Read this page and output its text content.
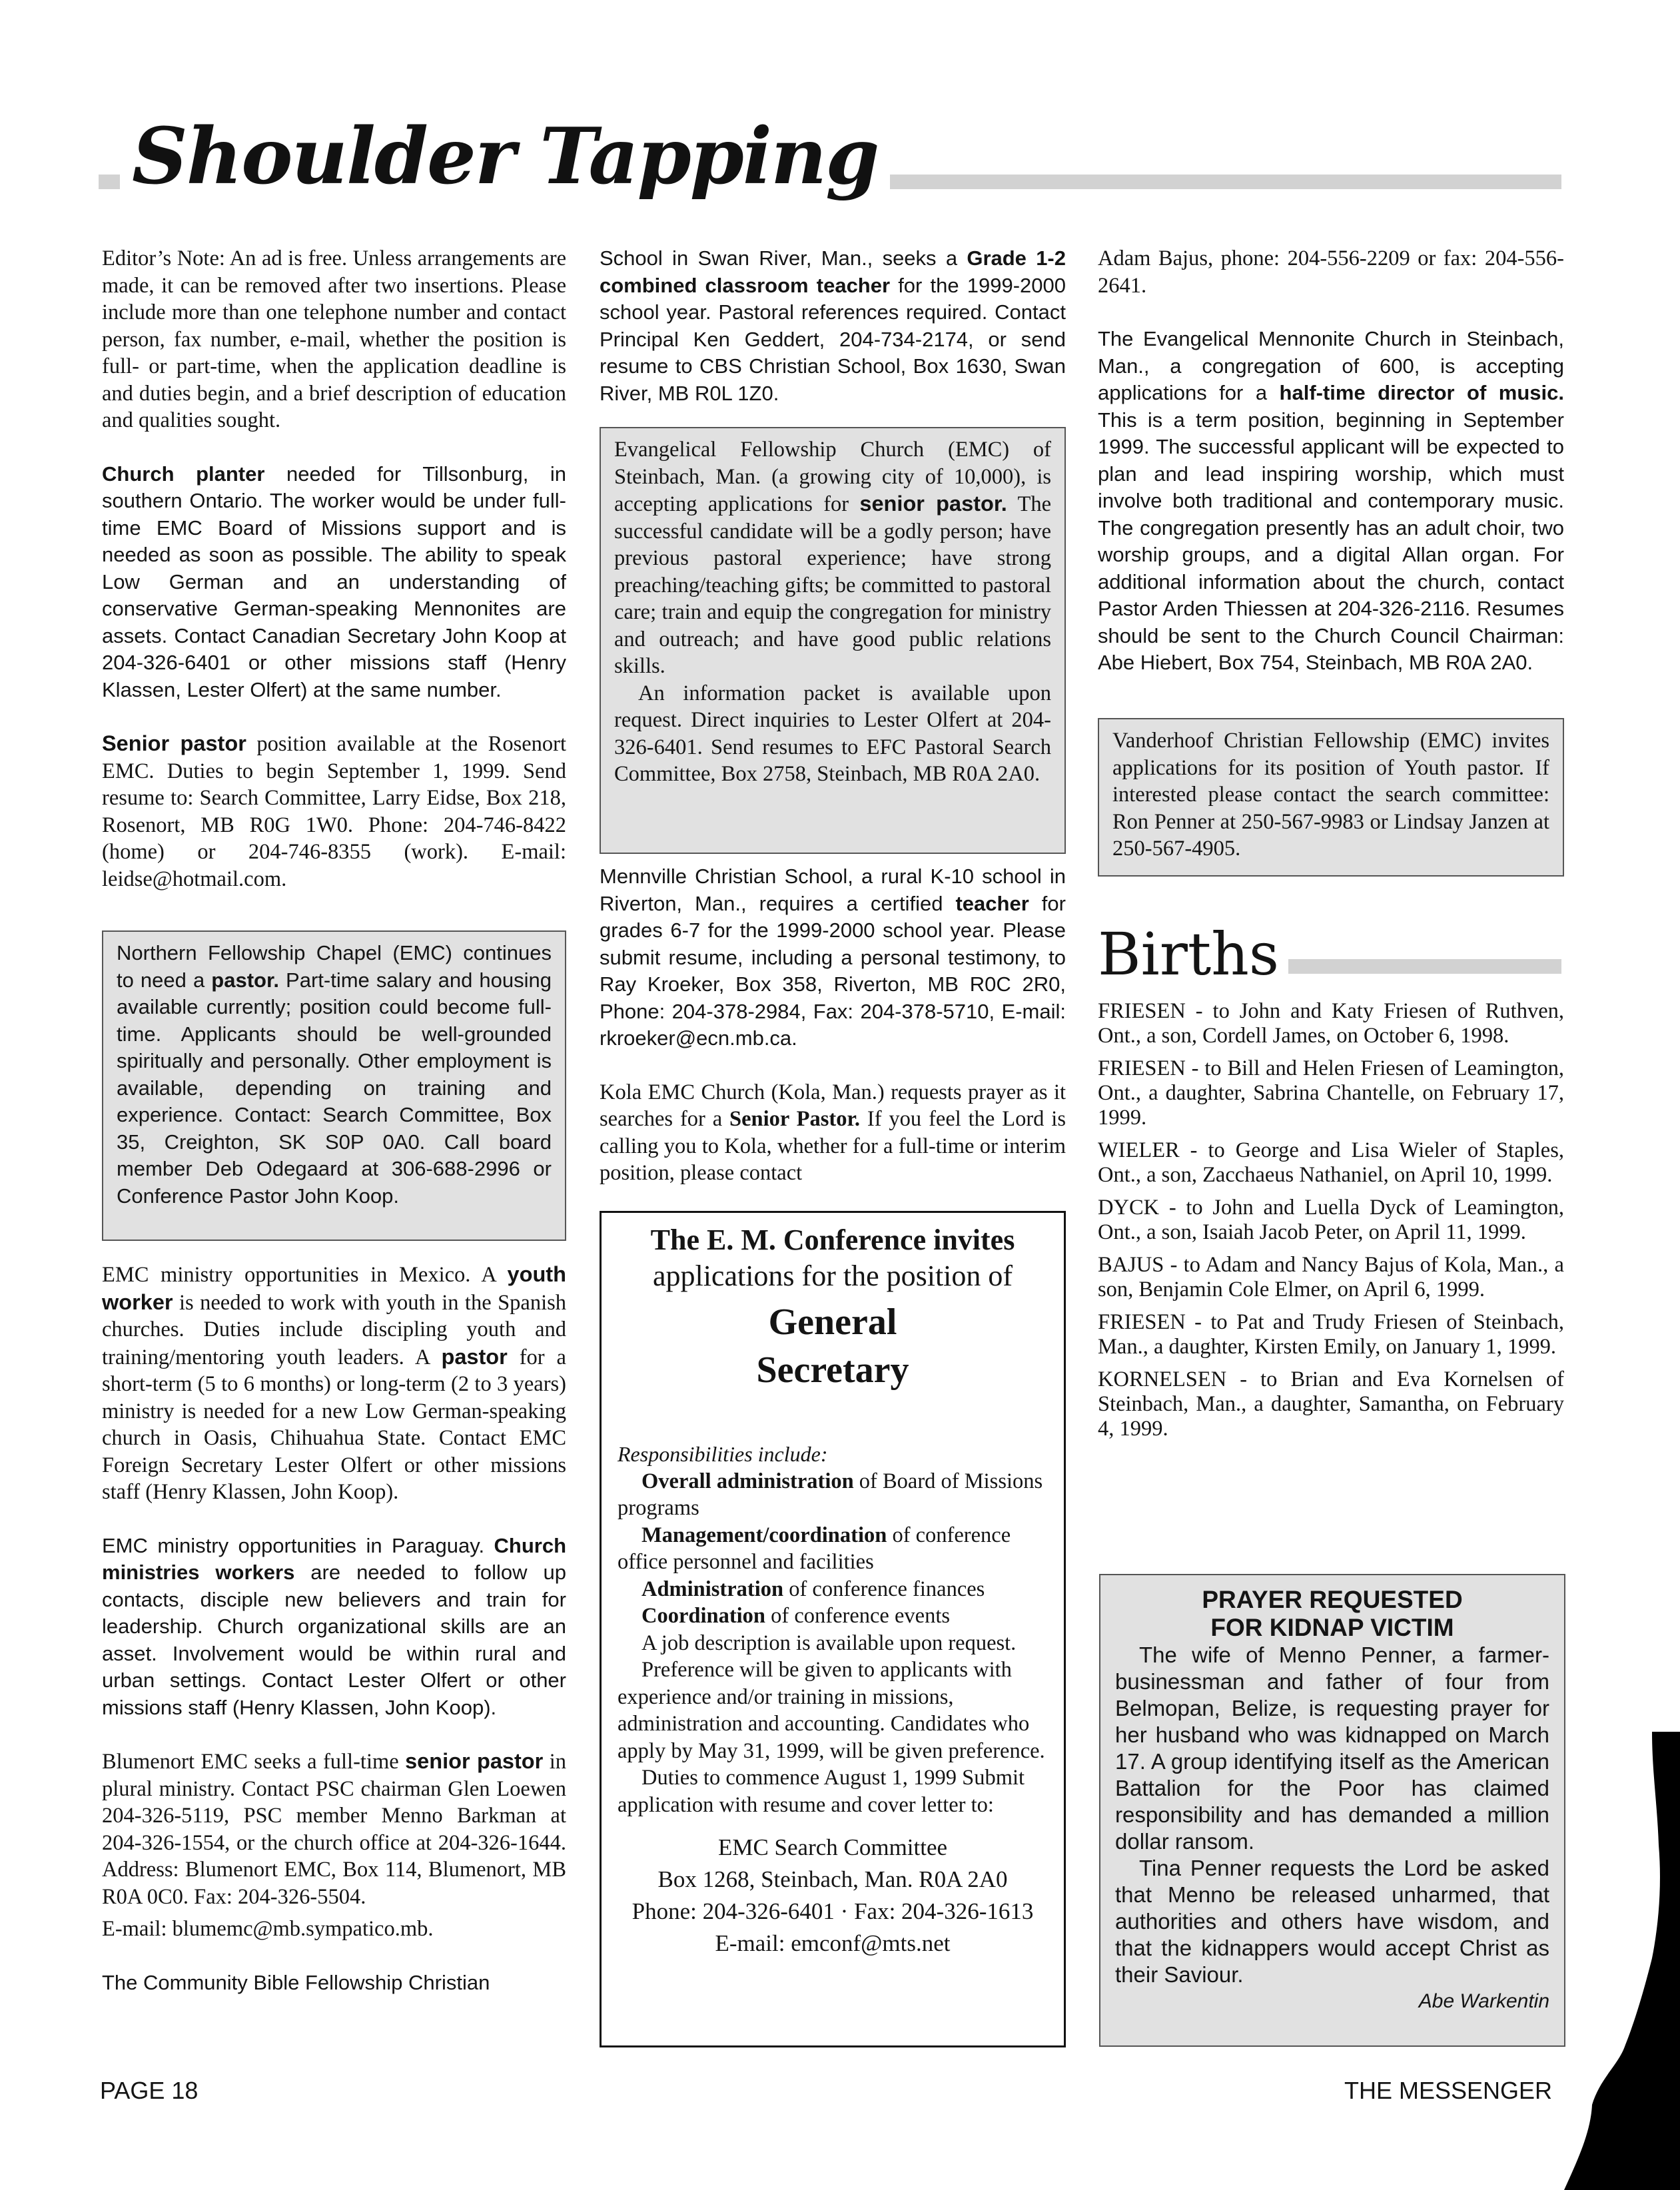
Shoulder Tapping

Editor’s Note: An ad is free. Unless arrangements are made, it can be removed after two insertions. Please include more than one telephone number and contact person, fax number, e-mail, whether the position is full- or part-time, when the application deadline is and duties begin, and a brief description of education and qualities sought.

Church planter needed for Tillsonburg, in southern Ontario. The worker would be under full-time EMC Board of Missions support and is needed as soon as possible. The ability to speak Low German and an understanding of conservative German-speaking Mennonites are assets. Contact Canadian Secretary John Koop at 204-326-6401 or other missions staff (Henry Klassen, Lester Olfert) at the same number.

Senior pastor position available at the Rosenort EMC. Duties to begin September 1, 1999. Send resume to: Search Committee, Larry Eidse, Box 218, Rosenort, MB R0G 1W0. Phone: 204-746-8422 (home) or 204-746-8355 (work). E-mail: leidse@hotmail.com.

Northern Fellowship Chapel (EMC) continues to need a pastor. Part-time salary and housing available currently; position could become full-time. Applicants should be well-grounded spiritually and personally. Other employment is available, depending on training and experience. Contact: Search Committee, Box 35, Creighton, SK S0P 0A0. Call board member Deb Odegaard at 306-688-2996 or Conference Pastor John Koop.

EMC ministry opportunities in Mexico. A youth worker is needed to work with youth in the Spanish churches. Duties include discipling youth and training/mentoring youth leaders. A pastor for a short-term (5 to 6 months) or long-term (2 to 3 years) ministry is needed for a new Low German-speaking church in Oasis, Chihuahua State. Contact EMC Foreign Secretary Lester Olfert or other missions staff (Henry Klassen, John Koop).

EMC ministry opportunities in Paraguay. Church ministries workers are needed to follow up contacts, disciple new believers and train for leadership. Church organizational skills are an asset. Involvement would be within rural and urban settings. Contact Lester Olfert or other missions staff (Henry Klassen, John Koop).

Blumenort EMC seeks a full-time senior pastor in plural ministry. Contact PSC chairman Glen Loewen 204-326-5119, PSC member Menno Barkman at 204-326-1554, or the church office at 204-326-1644. Address: Blumenort EMC, Box 114, Blumenort, MB R0A 0C0. Fax: 204-326-5504.

E-mail: blumemc@mb.sympatico.mb.

The Community Bible Fellowship Christian

School in Swan River, Man., seeks a Grade 1-2 combined classroom teacher for the 1999-2000 school year. Pastoral references required. Contact Principal Ken Geddert, 204-734-2174, or send resume to CBS Christian School, Box 1630, Swan River, MB R0L 1Z0.

Evangelical Fellowship Church (EMC) of Steinbach, Man. (a growing city of 10,000), is accepting applications for senior pastor. The successful candidate will be a godly person; have previous pastoral experience; have strong preaching/teaching gifts; be committed to pastoral care; train and equip the congregation for ministry and outreach; and have good public relations skills.

An information packet is available upon request. Direct inquiries to Lester Olfert at 204-326-6401. Send resumes to EFC Pastoral Search Committee, Box 2758, Steinbach, MB R0A 2A0.

Mennville Christian School, a rural K-10 school in Riverton, Man., requires a certified teacher for grades 6-7 for the 1999-2000 school year. Please submit resume, including a personal testimony, to Ray Kroeker, Box 358, Riverton, MB R0C 2R0, Phone: 204-378-2984, Fax: 204-378-5710, E-mail: rkroeker@ecn.mb.ca.

Kola EMC Church (Kola, Man.) requests prayer as it searches for a Senior Pastor. If you feel the Lord is calling you to Kola, whether for a full-time or interim position, please contact

The E. M. Conference invites
applications for the position of
General
Secretary
Responsibilities include:
Overall administration of Board of Missions programs
Management/coordination of conference office personnel and facilities
Administration of conference finances
Coordination of conference events
A job description is available upon request.
Preference will be given to applicants with experience and/or training in missions, administration and accounting. Candidates who apply by May 31, 1999, will be given preference.
Duties to commence August 1, 1999 Submit application with resume and cover letter to:
EMC Search Committee
Box 1268, Steinbach, Man. R0A 2A0
Phone: 204-326-6401 · Fax: 204-326-1613
E-mail: emconf@mts.net

Adam Bajus, phone: 204-556-2209 or fax: 204-556-2641.

The Evangelical Mennonite Church in Steinbach, Man., a congregation of 600, is accepting applications for a half-time director of music. This is a term position, beginning in September 1999. The successful applicant will be expected to plan and lead inspiring worship, which must involve both traditional and contemporary music. The congregation presently has an adult choir, two worship groups, and a digital Allan organ. For additional information about the church, contact Pastor Arden Thiessen at 204-326-2116. Resumes should be sent to the Church Council Chairman: Abe Hiebert, Box 754, Steinbach, MB R0A 2A0.

Vanderhoof Christian Fellowship (EMC) invites applications for its position of Youth pastor. If interested please contact the search committee: Ron Penner at 250-567-9983 or Lindsay Janzen at 250-567-4905.

Births

FRIESEN - to John and Katy Friesen of Ruthven, Ont., a son, Cordell James, on October 6, 1998.

FRIESEN - to Bill and Helen Friesen of Leamington, Ont., a daughter, Sabrina Chantelle, on February 17, 1999.

WIELER - to George and Lisa Wieler of Staples, Ont., a son, Zacchaeus Nathaniel, on April 10, 1999.

DYCK - to John and Luella Dyck of Leamington, Ont., a son, Isaiah Jacob Peter, on April 11, 1999.

BAJUS - to Adam and Nancy Bajus of Kola, Man., a son, Benjamin Cole Elmer, on April 6, 1999.

FRIESEN - to Pat and Trudy Friesen of Steinbach, Man., a daughter, Kirsten Emily, on January 1, 1999.

KORNELSEN - to Brian and Eva Kornelsen of Steinbach, Man., a daughter, Samantha, on February 4, 1999.

PRAYER REQUESTED
FOR KIDNAP VICTIM

The wife of Menno Penner, a farmer-businessman and father of four from Belmopan, Belize, is requesting prayer for her husband who was kidnapped on March 17. A group identifying itself as the American Battalion for the Poor has claimed responsibility and has demanded a million dollar ransom.

Tina Penner requests the Lord be asked that Menno be released unharmed, that authorities and others have wisdom, and that the kidnappers would accept Christ as their Saviour.

Abe Warkentin
PAGE 18	THE MESSENGER
